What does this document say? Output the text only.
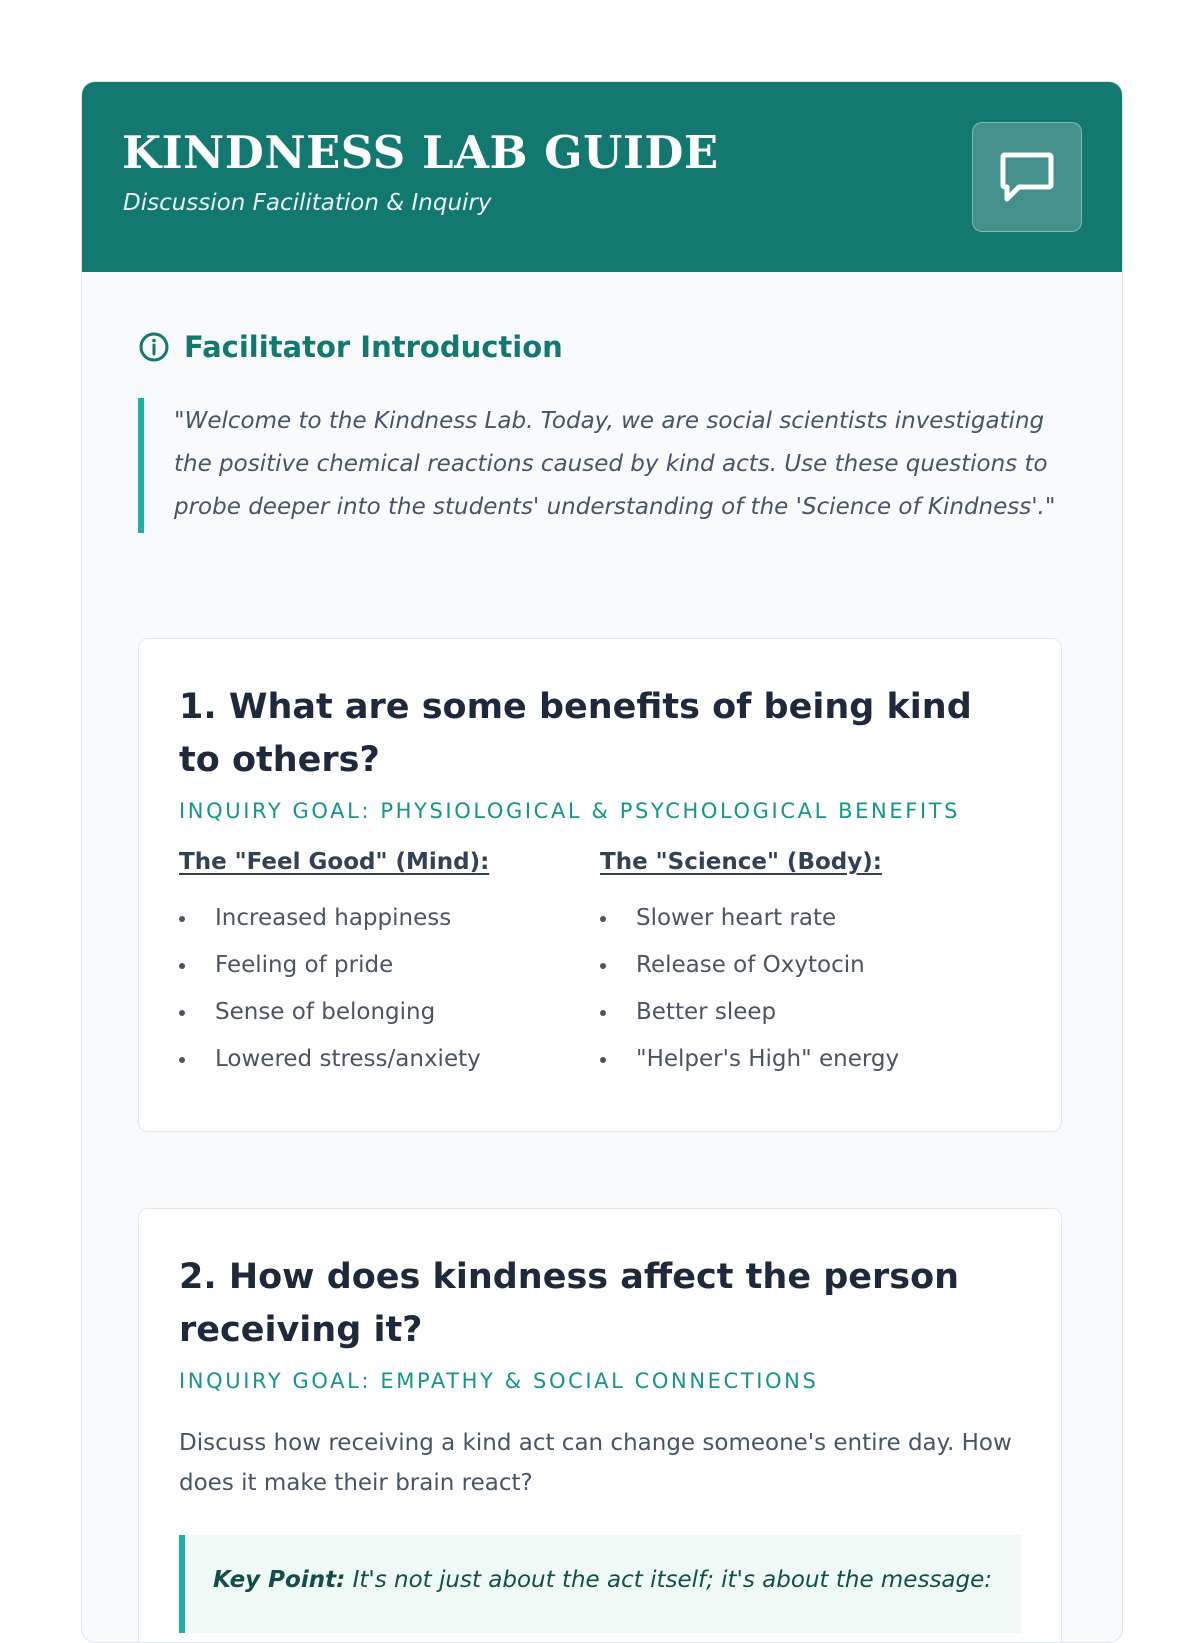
KINDNESS LAB GUIDE
Discussion Facilitation & Inquiry
Facilitator Introduction
"Welcome to the Kindness Lab. Today, we are social scientists investigating the positive chemical reactions caused by kind acts. Use these questions to probe deeper into the students' understanding of the 'Science of Kindness'."
1. What are some benefits of being kind to others?
INQUIRY GOAL: PHYSIOLOGICAL & PSYCHOLOGICAL BENEFITS
The "Feel Good" (Mind):
Increased happiness
Feeling of pride
Sense of belonging
Lowered stress/anxiety
The "Science" (Body):
Slower heart rate
Release of Oxytocin
Better sleep
"Helper's High" energy
2. How does kindness affect the person receiving it?
INQUIRY GOAL: EMPATHY & SOCIAL CONNECTIONS
Discuss how receiving a kind act can change someone's entire day. How does it make their brain react?
Key Point: It's not just about the act itself; it's about the message:
